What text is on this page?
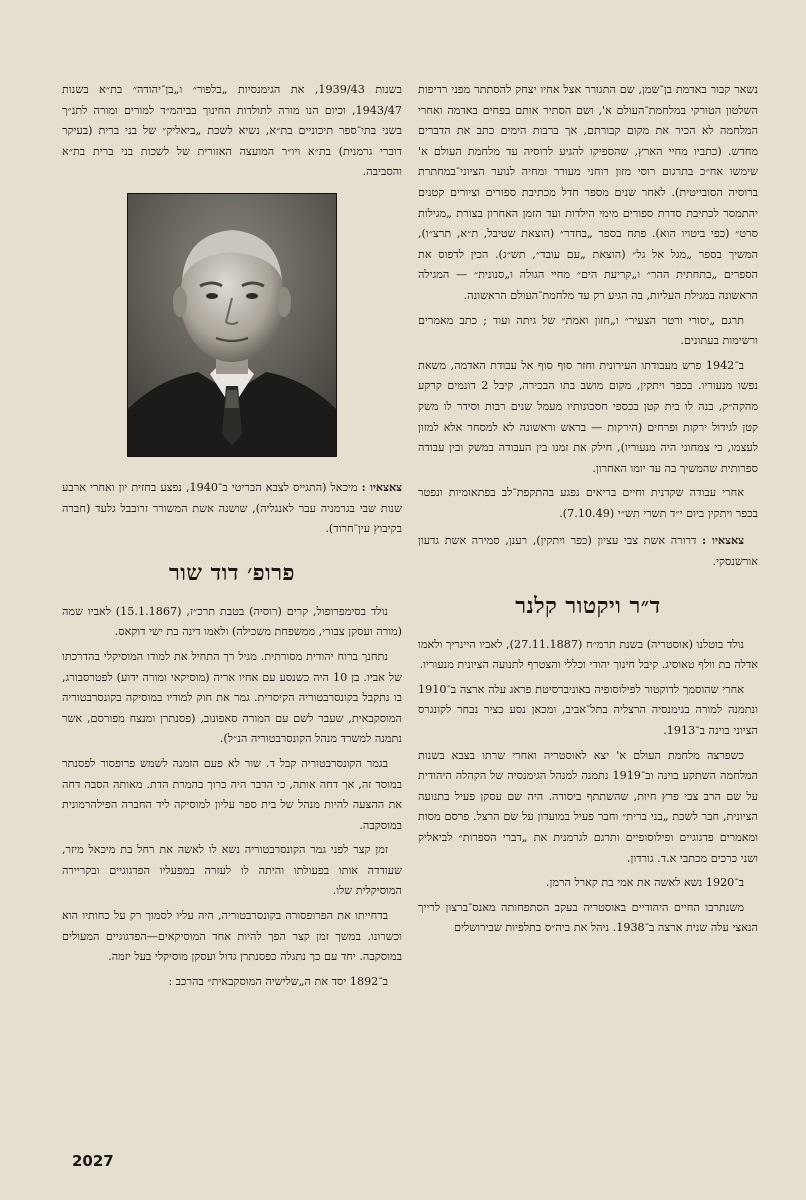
נשאר קבור באדמת בן־שמן, שם התגורר אצל אחיו יצחק להסתתר מפני רדיפות השלטון הטורקי במלחמת־העולם א', ושם הסתיר אותם בפחים באדמה ואחרי המלחמה לא הכיר את מקום קבורתם, אך ברבות הימים כתב את הדברים מחדש. (כתביו מחיי הארץ, שהספיקו להגיע לרוסיה עד מלחמת העולם א' שימשו אח״כ בתרגום רוסי מזון רוחני מעורר ומחיה לנוער הציוני־במחתרת ברוסיה הסובייטית). לאחר שנים מספר חדל מכתיבת ספורים וציורים קטנים יהתמסר לכתיבת סדרת ספורים מימי הילדות ועד הזמן האחרון בצורת „מגילות סרט״ (כפי ביטויו הוא). פתח בספר „בחדר״ (הוצאת שטיבל, ת״א, תרצ״ו), המשיך בספר „מגל אל גל״ (הוצאת „עם עובד״, תש״ג). הכין לדפוס את הספרים „בתחתית ההר״ ו„קריעת הים״ מחיי הגולה ו„סנונית״ — המגילה הראשונה במגילת העליות, בה הגיע רק עד מלחמת־העולם הראשונה.

תרגם „יסורי ורטר הצעיר״ ו„חזון ואמת״ של גיתה ועוד ; כתב מאמרים ורשימות בעתונים.

ב־1942 פרש מעבודתו העירונית וחזר סוף סוף אל עבודת האדמה, משאת נפשו מנעוריו. בכפר ויתקין, מקום מושב בתו הבכירה, קיבל 2 דונמים קרקע מהקה״ק, בנה לו בית קטן בכספי חסכונותיו מעמל שנים רבות וסידר לו משק קטן לגידול ירקות ופרחים (הירקות — בראש וראשונה לא למסחר אלא למזון לעצמו, כי צמחוני היה מנעוריו), חילק את זמנו בין העבודה במשק ובין עבודה ספרותית שהמשיך בה עד יומו האחרון.

אחרי עבודה שקדנית וחיים בריאים נפגע בהתקפת־לב בפתאומיות ונפטר בכפר ויתקין ביום י״ד תשרי תש״י (7.10.49).

צאצאיו : דרורה אשת צבי עציון (כפר ויתקין), רענן, סמירה אשת גדעון אורשנסקי.

ד״ר ויקטור קלנר

נולד בוטלנו (אוסטריה) בשנת תרמ״ח (27.11.1887), לאביו היינריך ולאמו אדלה בת וולף טאוסיג. קיבל חינוך יהודי וכללי והצטרף לתנועה הציונית מנעוריו.

אחרי שהוסמך לדוקטור לפילוסופיה באוניברסיטת פראג עלה ארצה ב־1910 ונתמנה למורה בגימנסיה הרצליה בתל־אביב, ומכאן נסע כציר נבחר לקונגרס הציוני בוינה ב־1913.

כשפרצה מלחמת העולם א' יצא לאוסטריה ואחרי שרתו בצבא בשנות המלחמה השתקע בוינה וב־1919 נתמנה למנהל הגימנסיה של הקהלה היהודית על שם הרב צבי פרץ חיות, שהשתתף ביסודה. היה שם עסקן פעיל בתנועה הציונית, חבר לשכת „בני ברית״ וחבר פעיל במועדון על שם הרצל. פרסם מסות ומאמרים פדגוגיים ופילוסופיים ותרגם לגרמנית את „דברי הספרות״ לביאליק ושני כרכים מכתבי א.ד. גורדון.

ב־1920 נשא לאשה את אמי בת קארל הרמן.

משנתרבו החיים היהודיים באוסטריה בעקב הסתפחותה מאנס־ברצון לרייך הנאצי עלה שנית ארצה ב־1938. ניהל את ביה״ס בתלפיות שבירושלים

בשנות 1939/43, את הגימנסיות „בלפור״ ו„בן־יהודה״ בת״א בשנות 1943/47, וכיום הנו מורה לתולדות החינוך בביהמ״ד למורים ומורה לתנ״ך בשני בתי־ספר תיכוניים בת״א, נשיא לשכת „ביאליק״ של בני ברית (בעיקר דוברי גרמנית) בת״א ויו״ר המועצה האזורית של לשכות בני ברית בת״א והסביבה.

צאצאיו : מיכאל (התגייס לצבא הבריטי ב־1940, נפצע בחזית יון ואחרי ארבע שנות שבי בגרמניה עבר לאנגליה), שושנה אשת המשורר זרובבל גלעד (חברה בקיבוץ עין־חרוד).

פרופ׳ דוד שור

נולד בסימפרופול, קרים (רוסיה) בטבת תרכ״ז, (15.1.1867) לאביו שמה (מורה ועסקן צבורי, ממשפחת משכילה) ולאמו דינה בת ישי דוקאס.

נתחנך ברוח יהודית מסורתית. מגיל רך התחיל את למודו המוסיקלי בהדרכתו של אביו. בן 10 היה כשנסע עם אחיו אריה (מוסיקאי ומורה ידוע) לפטרסבורג, בו נתקבל בקונסרבטוריה הקיסרית. גמר את חוק למודיו במוסיקה בקונסרבטוריה המוסקבאית, שעבר לשם עם המורה סאפונוב, (פסנתרן ומנצח מפורסם, אשר נתמנה למשרד מנהל הקונסרבטוריה הנ״ל).

בגמר הקונסרבטוריה קבל ד. שור לא פעם הזמנה לשמש פרופסור לפסנתר במוסד זה, אך דחה אותה, כי הדבר היה כרוך בהמרת הדת. מאותה הסבה דחה את ההצעה להיות מנהל של בית ספר עליון למוסיקה ליד החברה הפילהרמונית במוסקבה.

זמן קצר לפני גמר הקונסרבטוריה נשא לו לאשה את רחל בת מיכאל מיזר, שעודדה אותו בפעולתו והיתה לו לעזרה במפעליו הפדגוגיים ובקריירה המוסיקלית שלו.

בדחייתו את הפרופסורה בקונסרבטוריה, היה עליו לסמוך רק על כחותיו הוא וכשרונו. במשך זמן קצר הפך להיות אחד המוסיקאים—הפדגוגיים המעולים במוסקבה. יחד עם כך נתגלה כפסנתרן גדול ועסקן מוסיקלי בעל יזמה.

ב־1892 יסד את ה„שלישיה המוסקבאית״ בהרכב :

2027
